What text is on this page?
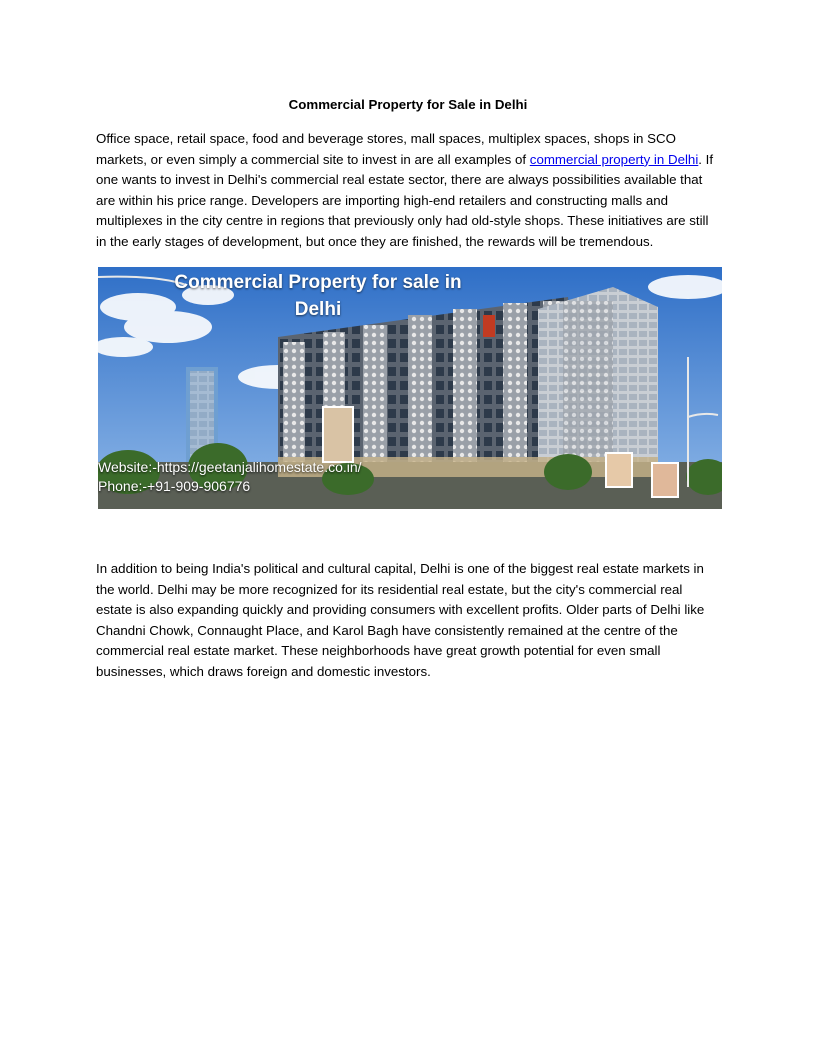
Commercial Property for Sale in Delhi

Office space, retail space, food and beverage stores, mall spaces, multiplex spaces, shops in SCO markets, or even simply a commercial site to invest in are all examples of commercial property in Delhi. If one wants to invest in Delhi's commercial real estate sector, there are always possibilities available that are within his price range. Developers are importing high-end retailers and constructing malls and multiplexes in the city centre in regions that previously only had old-style shops. These initiatives are still in the early stages of development, but once they are finished, the rewards will be tremendous.

Commercial Property for sale in
Delhi
Website:-https://geetanjalihomestate.co.in/
Phone:-+91-909-906776

In addition to being India's political and cultural capital, Delhi is one of the biggest real estate markets in the world. Delhi may be more recognized for its residential real estate, but the city's commercial real estate is also expanding quickly and providing consumers with excellent profits. Older parts of Delhi like Chandni Chowk, Connaught Place, and Karol Bagh have consistently remained at the centre of the commercial real estate market. These neighborhoods have great growth potential for even small businesses, which draws foreign and domestic investors.
